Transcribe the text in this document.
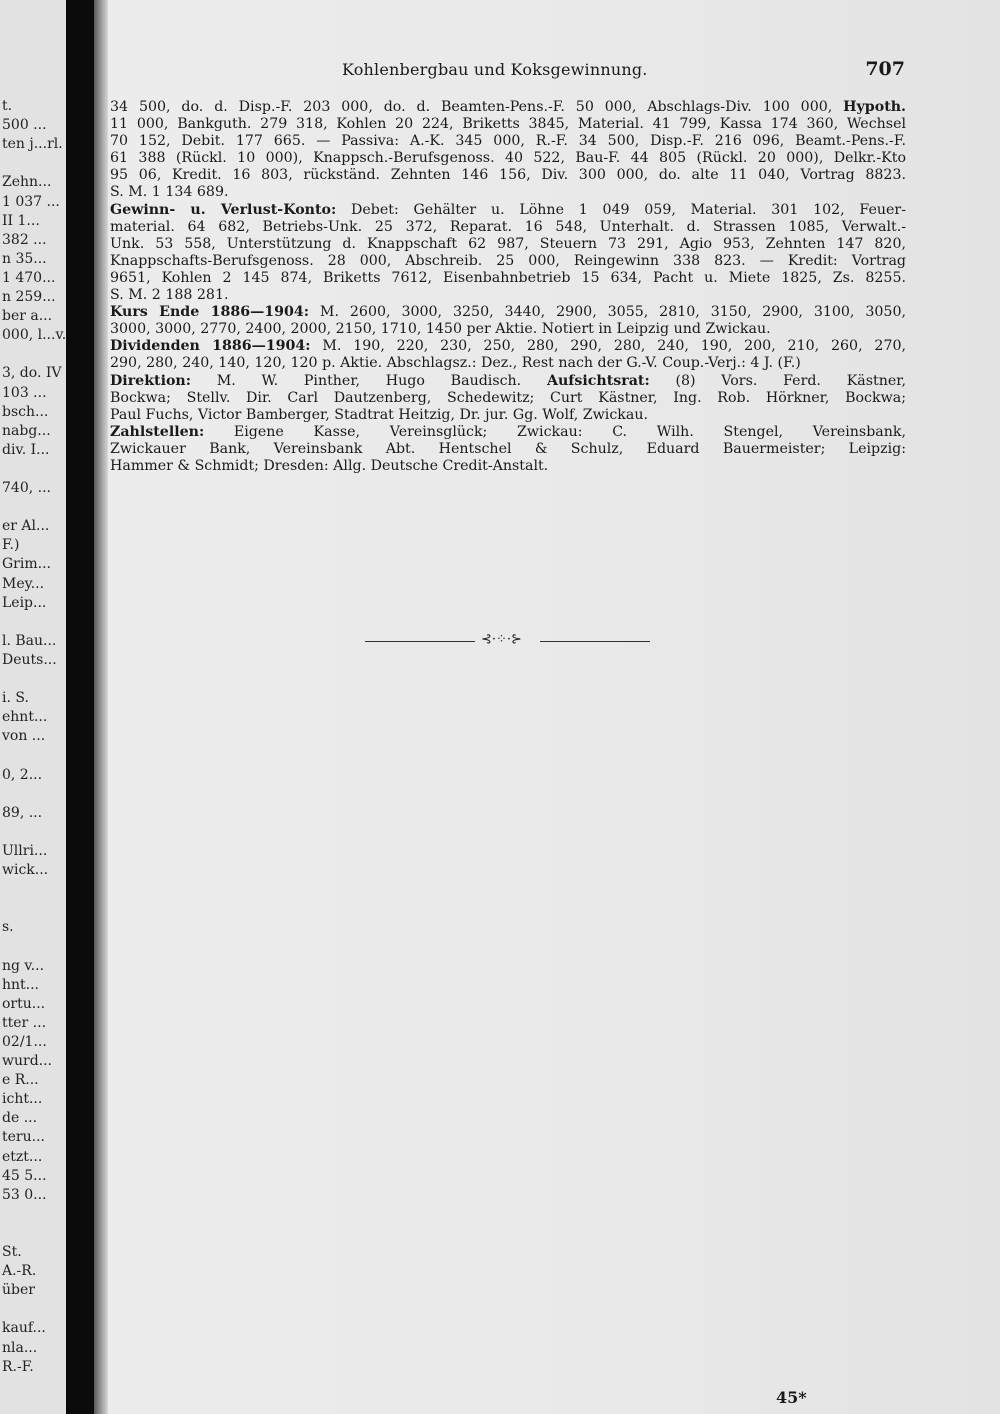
t.
500 ...
ten j...rl.
Zehn...
1 037 ...
II 1...
382 ...
n 35...
1 470...
n 259...
ber a...
000, l...v.
3, do. IV
103 ...
bsch...
nabg...
div. I...
740, ...
er Al...
F.)
Grim...
Mey...
Leip...
l. Bau...
Deuts...
i. S.
ehnt...
von ...
0, 2...
89, ...
Ullri...
wick...
s.
ng v...
hnt...
ortu...
tter ...
02/1...
wurd...
e R...
icht...
de ...
teru...
etzt...
45 5...
53 0...
St.
A.-R.
über
kauf...
nla...
R.-F.
Kohlenbergbau und Koksgewinnung.	707
34 500, do. d. Disp.-F. 203 000, do. d. Beamten-Pens.-F. 50 000, Abschlags-Div. 100 000, Hypoth.
11 000, Bankguth. 279 318, Kohlen 20 224, Briketts 3845, Material. 41 799, Kassa 174 360, Wechsel
70 152, Debit. 177 665. — Passiva: A.-K. 345 000, R.-F. 34 500, Disp.-F. 216 096, Beamt.-Pens.-F.
61 388 (Rückl. 10 000), Knappsch.-Berufsgenoss. 40 522, Bau-F. 44 805 (Rückl. 20 000), Delkr.-Kto
95 06, Kredit. 16 803, rückständ. Zehnten 146 156, Div. 300 000, do. alte 11 040, Vortrag 8823.
S. M. 1 134 689.
Gewinn- u. Verlust-Konto: Debet: Gehälter u. Löhne 1 049 059, Material. 301 102, Feuer-
material. 64 682, Betriebs-Unk. 25 372, Reparat. 16 548, Unterhalt. d. Strassen 1085, Verwalt.-
Unk. 53 558, Unterstützung d. Knappschaft 62 987, Steuern 73 291, Agio 953, Zehnten 147 820,
Knappschafts-Berufsgenoss. 28 000, Abschreib. 25 000, Reingewinn 338 823. — Kredit: Vortrag
9651, Kohlen 2 145 874, Briketts 7612, Eisenbahnbetrieb 15 634, Pacht u. Miete 1825, Zs. 8255.
S. M. 2 188 281.
Kurs Ende 1886—1904: M. 2600, 3000, 3250, 3440, 2900, 3055, 2810, 3150, 2900, 3100, 3050,
3000, 3000, 2770, 2400, 2000, 2150, 1710, 1450 per Aktie. Notiert in Leipzig und Zwickau.
Dividenden 1886—1904: M. 190, 220, 230, 250, 280, 290, 280, 240, 190, 200, 210, 260, 270,
290, 280, 240, 140, 120, 120 p. Aktie. Abschlagsz.: Dez., Rest nach der G.-V. Coup.-Verj.: 4 J. (F.)
Direktion: M. W. Pinther, Hugo Baudisch. Aufsichtsrat: (8) Vors. Ferd. Kästner,
Bockwa; Stellv. Dir. Carl Dautzenberg, Schedewitz; Curt Kästner, Ing. Rob. Hörkner, Bockwa;
Paul Fuchs, Victor Bamberger, Stadtrat Heitzig, Dr. jur. Gg. Wolf, Zwickau.
Zahlstellen: Eigene Kasse, Vereinsglück; Zwickau: C. Wilh. Stengel, Vereinsbank,
Zwickauer Bank, Vereinsbank Abt. Hentschel & Schulz, Eduard Bauermeister; Leipzig:
Hammer & Schmidt; Dresden: Allg. Deutsche Credit-Anstalt.
⊰·⁘·⊱
45*
